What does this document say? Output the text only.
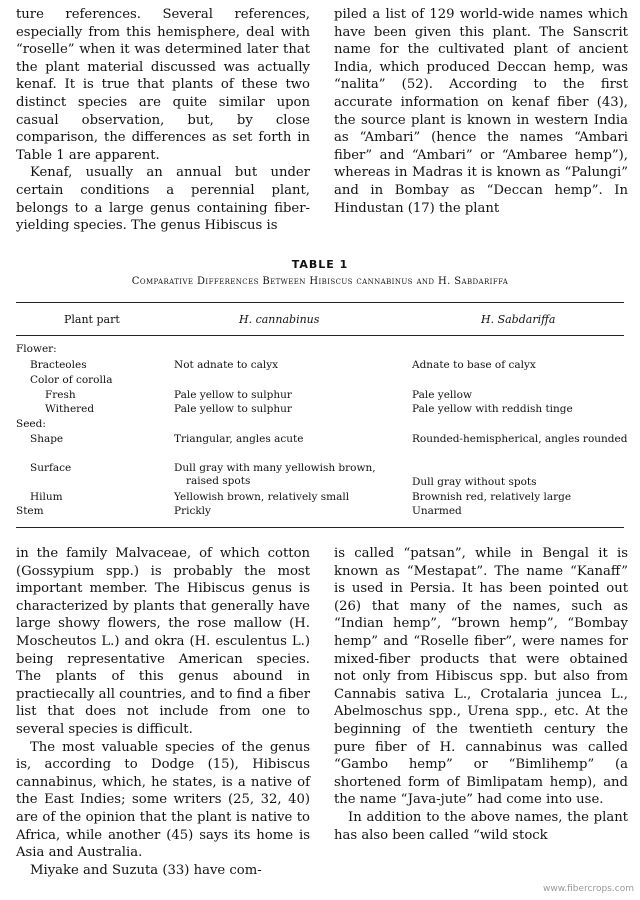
ture references. Several references, especially from this hemisphere, deal with “roselle” when it was determined later that the plant material discussed was actually kenaf. It is true that plants of these two distinct species are quite similar upon casual observation, but, by close comparison, the differences as set forth in Table 1 are apparent.

Kenaf, usually an annual but under certain conditions a perennial plant, belongs to a large genus containing fiber-yielding species. The genus Hibiscus is

piled a list of 129 world-wide names which have been given this plant. The Sanscrit name for the cultivated plant of ancient India, which produced Deccan hemp, was “nalita” (52). According to the first accurate information on kenaf fiber (43), the source plant is known in western India as “Ambari” (hence the names “Ambari fiber” and “Ambari” or “Ambaree hemp”), whereas in Madras it is known as “Palungi” and in Bombay as “Deccan hemp”. In Hindustan (17) the plant

TABLE 1
Comparative Differences Between Hibiscus cannabinus and H. Sabdariffa
Plant part	H. cannabinus	H. Sabdariffa
Flower:
Bracteoles	Not adnate to calyx	Adnate to base of calyx
Color of corolla
Fresh	Pale yellow to sulphur	Pale yellow
Withered	Pale yellow to sulphur	Pale yellow with reddish tinge
Seed:
Shape	Triangular, angles acute	Rounded-hemispherical, angles rounded
Surface	Dull gray with many yellowish brown, raised spots	Dull gray without spots
Hilum	Yellowish brown, relatively small	Brownish red, relatively large
Stem	Prickly	Unarmed

in the family Malvaceae, of which cotton (Gossypium spp.) is probably the most important member. The Hibiscus genus is characterized by plants that generally have large showy flowers, the rose mallow (H. Moscheutos L.) and okra (H. esculentus L.) being representative American species. The plants of this genus abound in practiecally all countries, and to find a fiber list that does not include from one to several species is difficult.

The most valuable species of the genus is, according to Dodge (15), Hibiscus cannabinus, which, he states, is a native of the East Indies; some writers (25, 32, 40) are of the opinion that the plant is native to Africa, while another (45) says its home is Asia and Australia.

Miyake and Suzuta (33) have com-

is called “patsan”, while in Bengal it is known as “Mestapat”. The name “Kanaff” is used in Persia. It has been pointed out (26) that many of the names, such as “Indian hemp”, “brown hemp”, “Bombay hemp” and “Roselle fiber”, were names for mixed-fiber products that were obtained not only from Hibiscus spp. but also from Cannabis sativa L., Crotalaria juncea L., Abelmoschus spp., Urena spp., etc. At the beginning of the twentieth century the pure fiber of H. cannabinus was called “Gambo hemp” or “Bimlihemp” (a shortened form of Bimlipatam hemp), and the name “Java-jute” had come into use.

In addition to the above names, the plant has also been called “wild stock

www.fibercrops.com
